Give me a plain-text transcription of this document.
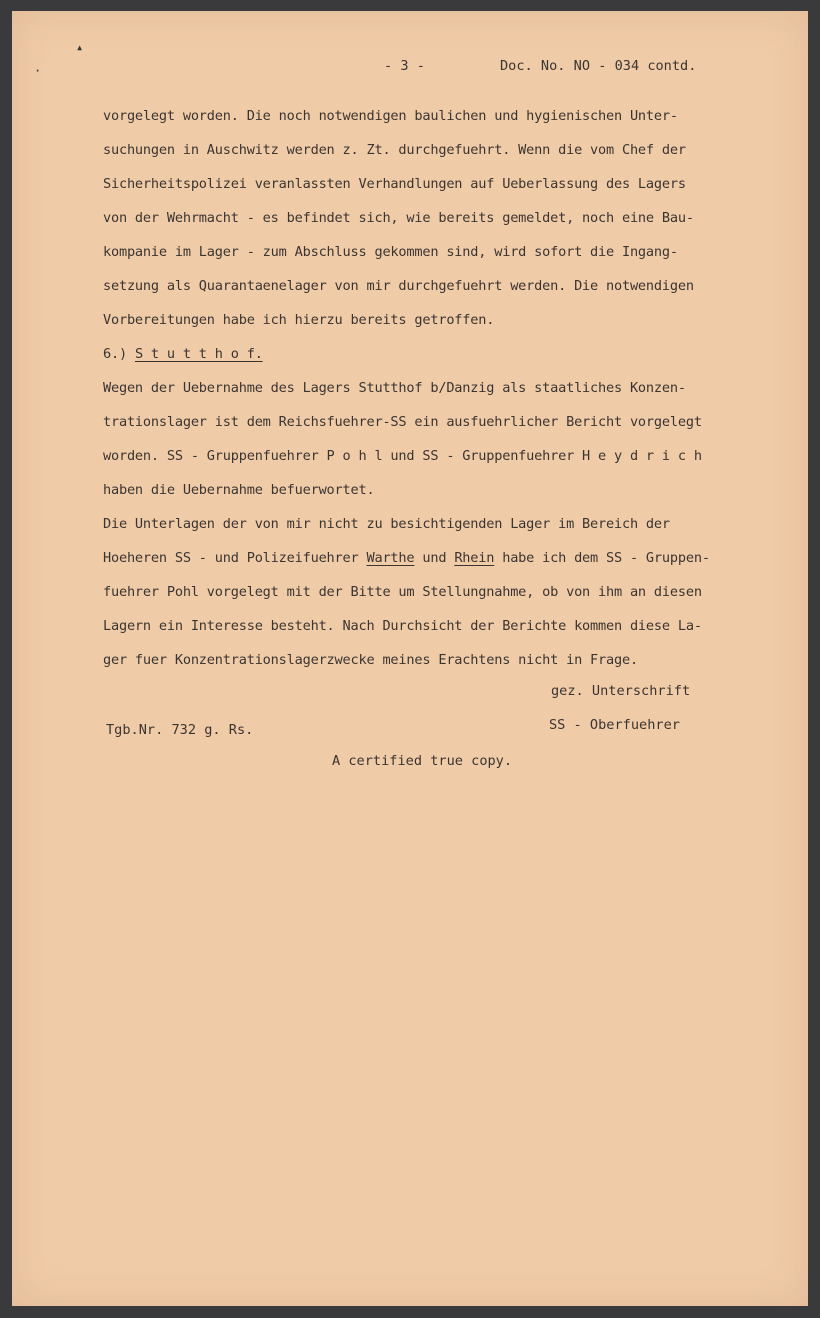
▴
·	- 3 -	Doc. No. NO - 034 contd.
vorgelegt worden. Die noch notwendigen baulichen und hygienischen Unter-
suchungen in Auschwitz werden z. Zt. durchgefuehrt. Wenn die vom Chef der
Sicherheitspolizei veranlassten Verhandlungen auf Ueberlassung des Lagers
von der Wehrmacht - es befindet sich, wie bereits gemeldet, noch eine Bau-
kompanie im Lager - zum Abschluss gekommen sind, wird sofort die Ingang-
setzung als Quarantaenelager von mir durchgefuehrt werden. Die notwendigen
Vorbereitungen habe ich hierzu bereits getroffen.
6.) S t u t t h o f.
Wegen der Uebernahme des Lagers Stutthof b/Danzig als staatliches Konzen-
trationslager ist dem Reichsfuehrer-SS ein ausfuehrlicher Bericht vorgelegt
worden. SS - Gruppenfuehrer P o h l und SS - Gruppenfuehrer H e y d r i c h
haben die Uebernahme befuerwortet.
Die Unterlagen der von mir nicht zu besichtigenden Lager im Bereich der
Hoeheren SS - und Polizeifuehrer Warthe und Rhein habe ich dem SS - Gruppen-
fuehrer Pohl vorgelegt mit der Bitte um Stellungnahme, ob von ihm an diesen
Lagern ein Interesse besteht. Nach Durchsicht der Berichte kommen diese La-
ger fuer Konzentrationslagerzwecke meines Erachtens nicht in Frage.
gez. Unterschrift
SS - Oberfuehrer
Tgb.Nr. 732 g. Rs.
A certified true copy.
